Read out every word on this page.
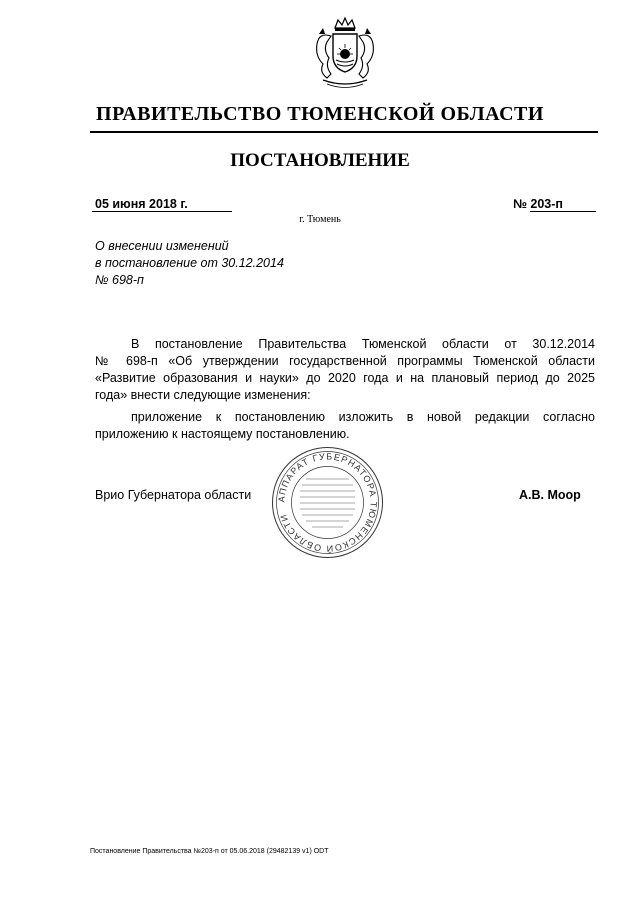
ПРАВИТЕЛЬСТВО ТЮМЕНСКОЙ ОБЛАСТИ
ПОСТАНОВЛЕНИЕ
05 июня 2018 г.	№ 203-п
г. Тюмень
О внесении изменений
в постановление от 30.12.2014
№ 698-п
В постановление Правительства Тюменской области от 30.12.2014
№ 698-п «Об утверждении государственной программы Тюменской области
«Развитие образования и науки» до 2020 года и на плановый период до 2025
года» внести следующие изменения:
приложение к постановлению изложить в новой редакции согласно
приложению к настоящему постановлению.
Врио Губернатора области	А.В. Моор
АППАРАТ ГУБЕРНАТОРА ТЮМЕНСКОЙ ОБЛАСТИ
Постановление Правительства №203-п от 05.06.2018 (29482139 v1) ODT
